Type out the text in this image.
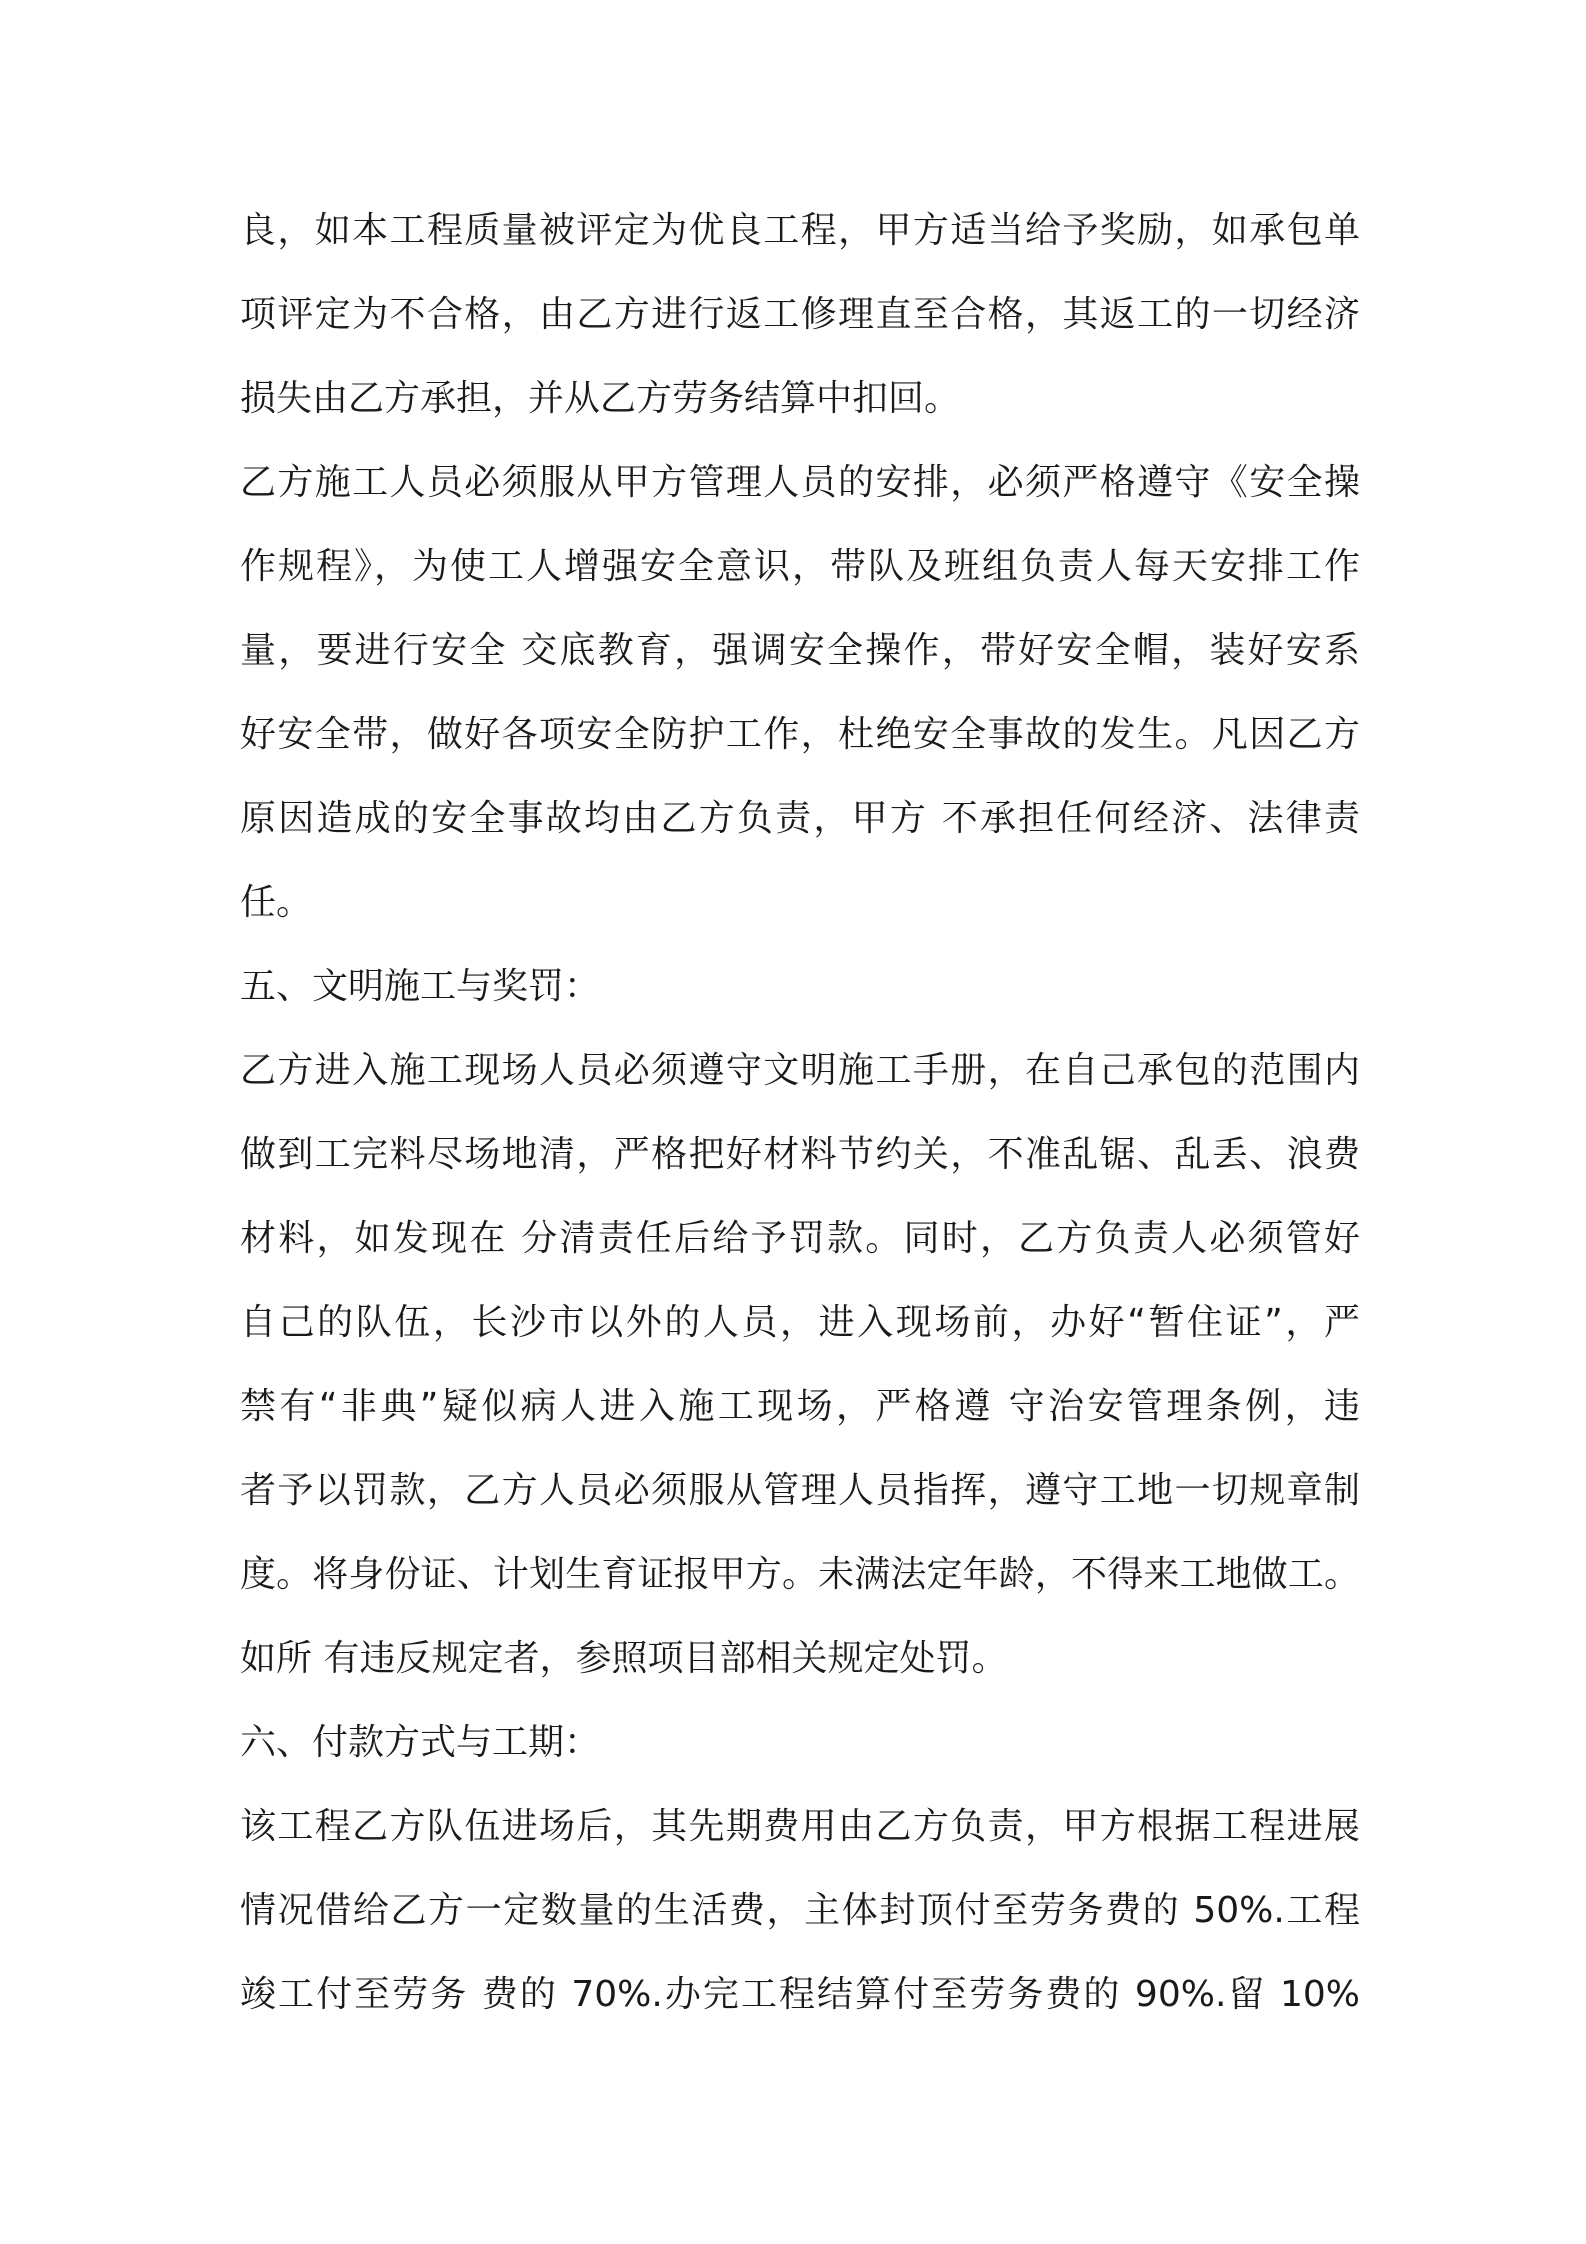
良，如本工程质量被评定为优良工程，甲方适当给予奖励，如承包单
项评定为不合格，由乙方进行返工修理直至合格，其返工的一切经济
损失由乙方承担，并从乙方劳务结算中扣回。
乙方施工人员必须服从甲方管理人员的安排，必须严格遵守《安全操
作规程》，为使工人增强安全意识，带队及班组负责人每天安排工作
量，要进行安全 交底教育，强调安全操作，带好安全帽，装好安系
好安全带，做好各项安全防护工作，杜绝安全事故的发生。凡因乙方
原因造成的安全事故均由乙方负责，甲方 不承担任何经济、法律责
任。
五、文明施工与奖罚：
乙方进入施工现场人员必须遵守文明施工手册，在自己承包的范围内
做到工完料尽场地清，严格把好材料节约关，不准乱锯、乱丢、浪费
材料，如发现在 分清责任后给予罚款。同时，乙方负责人必须管好
自己的队伍，长沙市以外的人员，进入现场前，办好“暂住证”，严
禁有“非典”疑似病人进入施工现场，严格遵 守治安管理条例，违
者予以罚款，乙方人员必须服从管理人员指挥，遵守工地一切规章制
度。将身份证、计划生育证报甲方。未满法定年龄，不得来工地做工。
如所 有违反规定者，参照项目部相关规定处罚。
六、付款方式与工期：
该工程乙方队伍进场后，其先期费用由乙方负责，甲方根据工程进展
情况借给乙方一定数量的生活费，主体封顶付至劳务费的 50%.工程
竣工付至劳务 费的 70%.办完工程结算付至劳务费的 90%.留 10%
